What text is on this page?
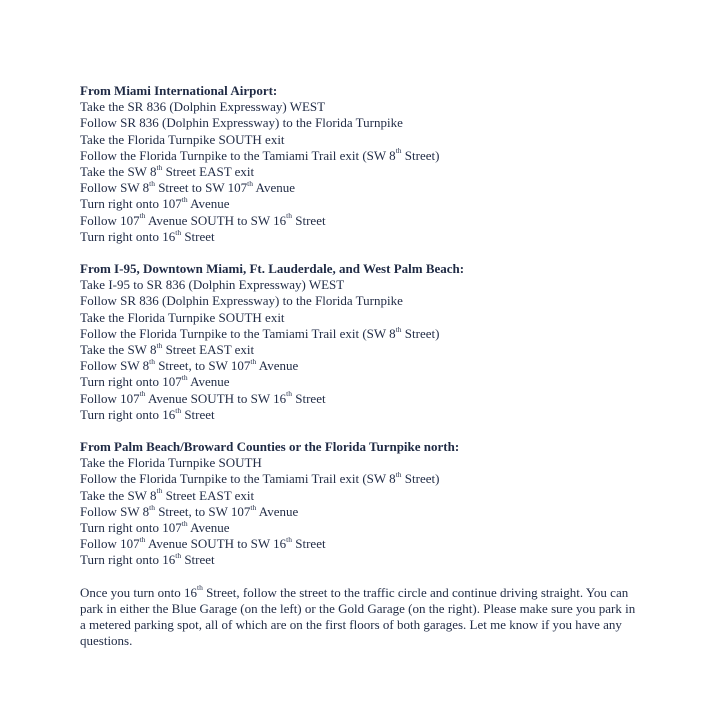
From Miami International Airport:

Take the SR 836 (Dolphin Expressway) WEST

Follow SR 836 (Dolphin Expressway) to the Florida Turnpike

Take the Florida Turnpike SOUTH exit

Follow the Florida Turnpike to the Tamiami Trail exit (SW 8th Street)

Take the SW 8th Street EAST exit

Follow SW 8th Street to SW 107th Avenue

Turn right onto 107th Avenue

Follow 107th Avenue SOUTH to SW 16th Street

Turn right onto 16th Street

From I-95, Downtown Miami, Ft. Lauderdale, and West Palm Beach:

Take I-95 to SR 836 (Dolphin Expressway) WEST

Follow SR 836 (Dolphin Expressway) to the Florida Turnpike

Take the Florida Turnpike SOUTH exit

Follow the Florida Turnpike to the Tamiami Trail exit (SW 8th Street)

Take the SW 8th Street EAST exit

Follow SW 8th Street, to SW 107th Avenue

Turn right onto 107th Avenue

Follow 107th Avenue SOUTH to SW 16th Street

Turn right onto 16th Street

From Palm Beach/Broward Counties or the Florida Turnpike north:

Take the Florida Turnpike SOUTH

Follow the Florida Turnpike to the Tamiami Trail exit (SW 8th Street)

Take the SW 8th Street EAST exit

Follow SW 8th Street, to SW 107th Avenue

Turn right onto 107th Avenue

Follow 107th Avenue SOUTH to SW 16th Street

Turn right onto 16th Street

Once you turn onto 16th Street, follow the street to the traffic circle and continue driving straight. You can park in either the Blue Garage (on the left) or the Gold Garage (on the right). Please make sure you park in a metered parking spot, all of which are on the first floors of both garages. Let me know if you have any questions.
